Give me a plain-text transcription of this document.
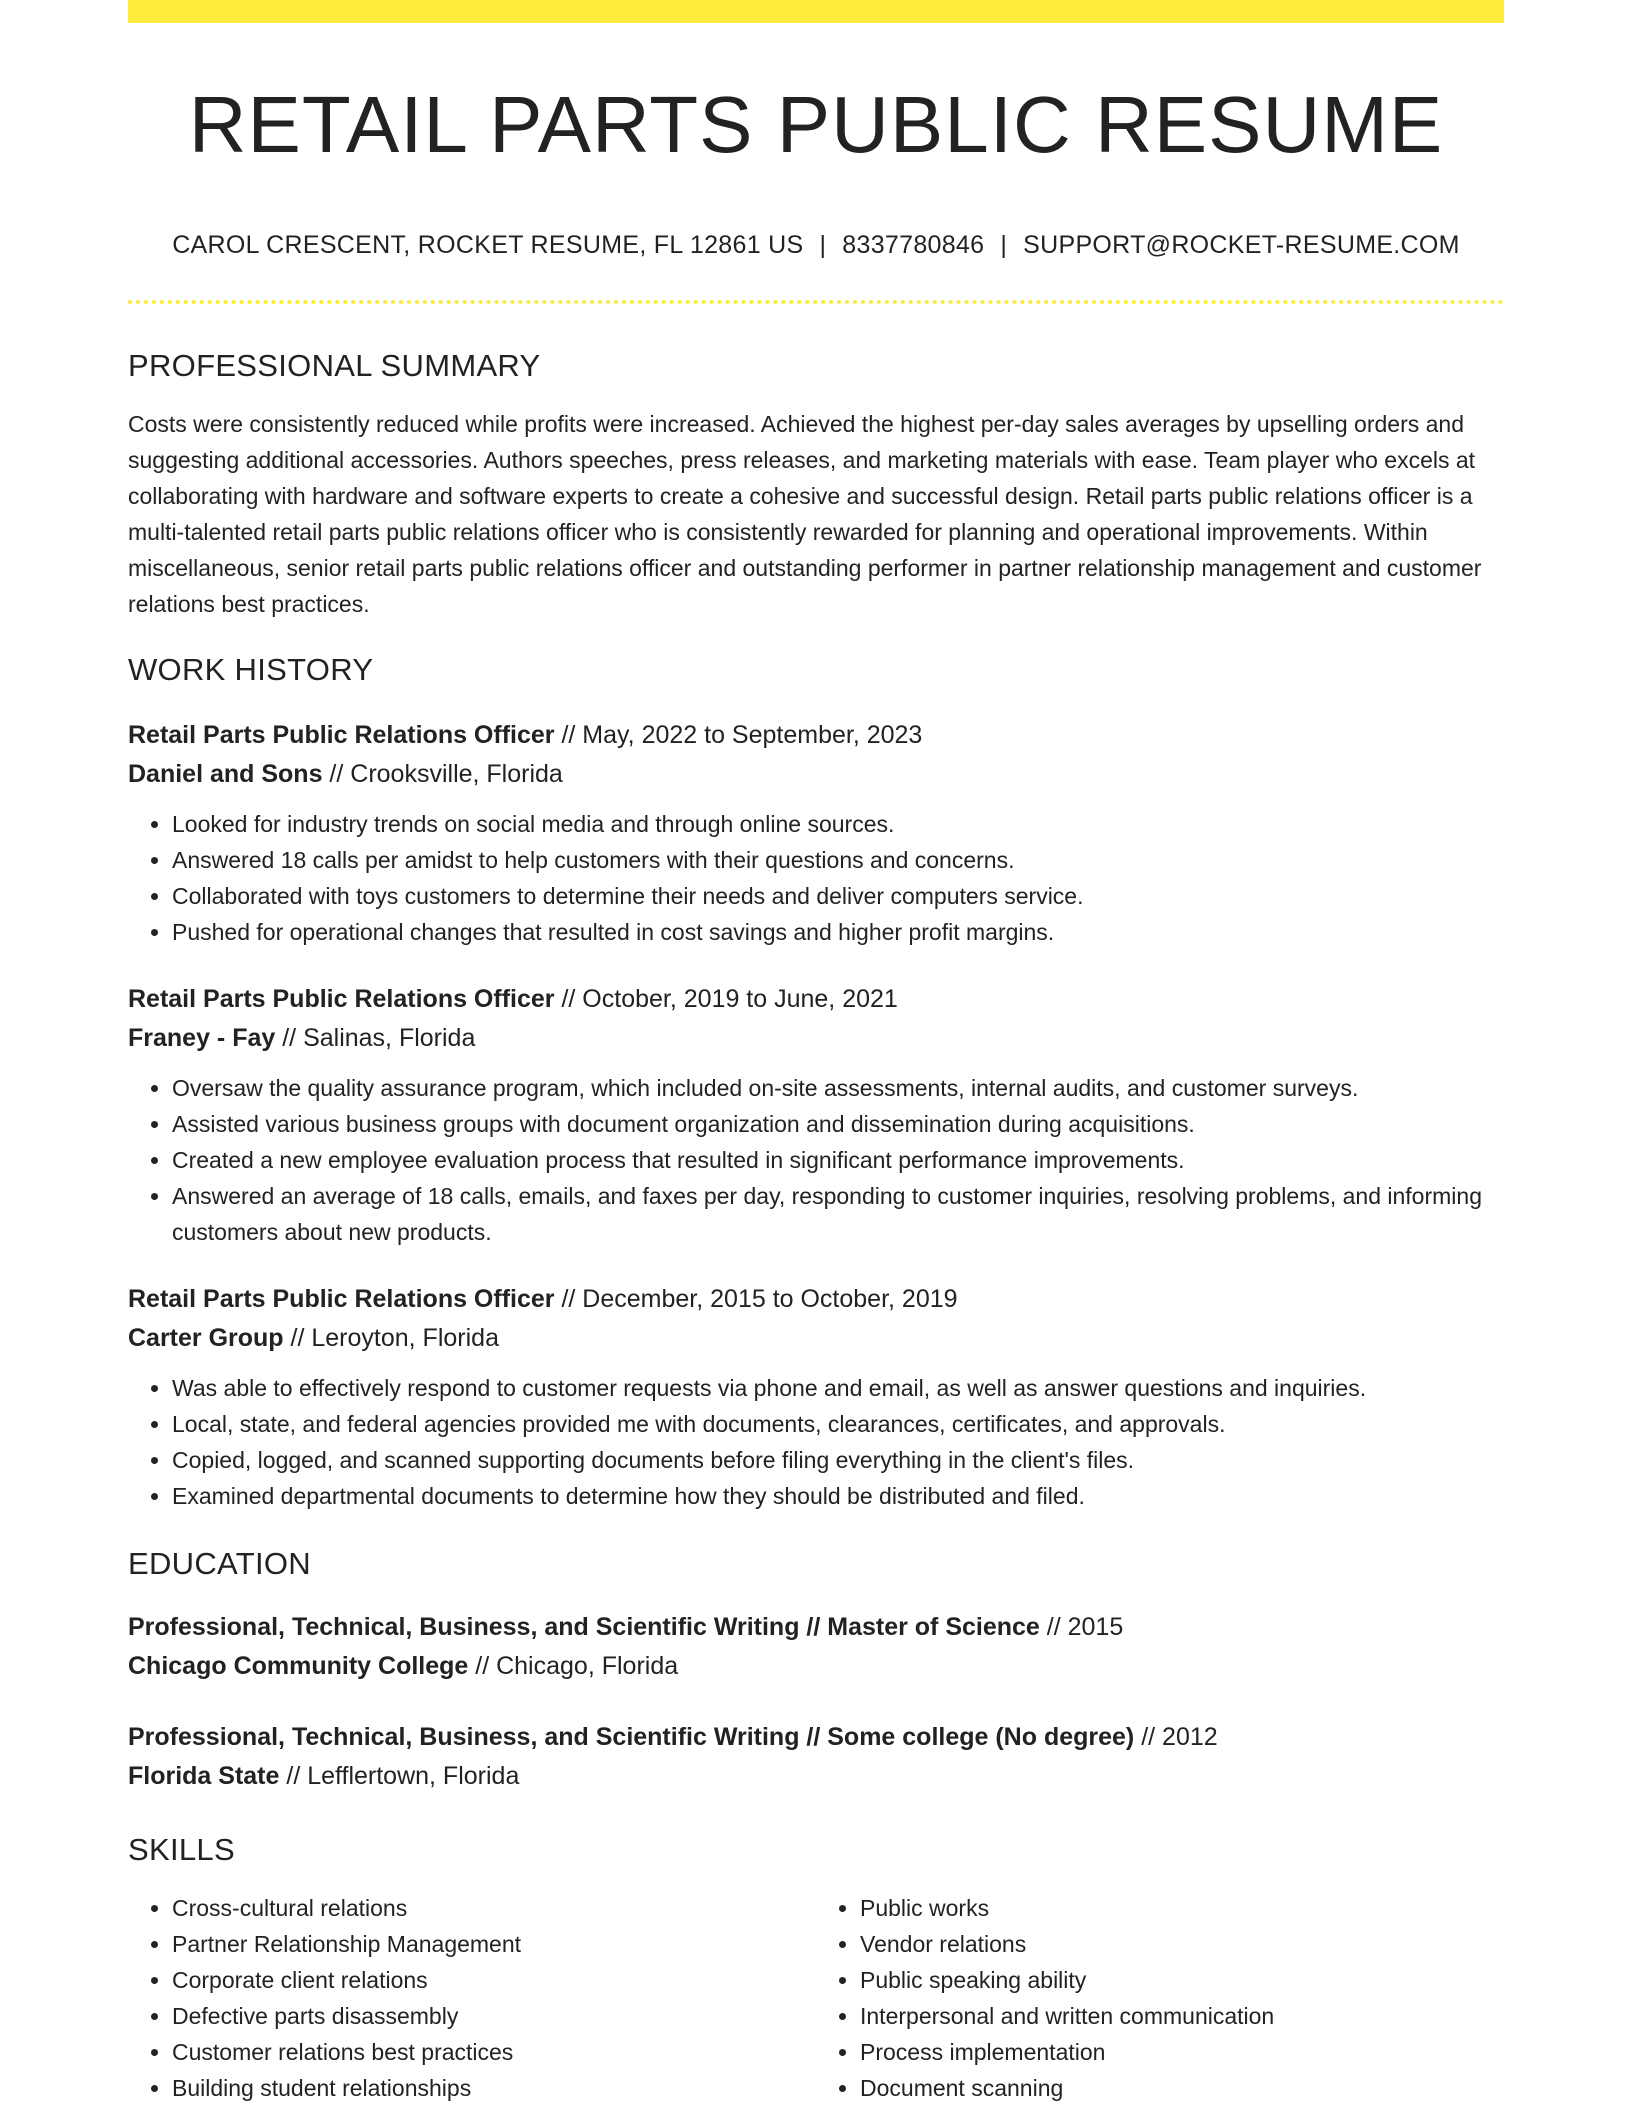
RETAIL PARTS PUBLIC RESUME
CAROL CRESCENT, ROCKET RESUME, FL 12861 US | 8337780846 | SUPPORT@ROCKET-RESUME.COM
PROFESSIONAL SUMMARY
Costs were consistently reduced while profits were increased. Achieved the highest per-day sales averages by upselling orders and suggesting additional accessories. Authors speeches, press releases, and marketing materials with ease. Team player who excels at collaborating with hardware and software experts to create a cohesive and successful design. Retail parts public relations officer is a multi-talented retail parts public relations officer who is consistently rewarded for planning and operational improvements. Within miscellaneous, senior retail parts public relations officer and outstanding performer in partner relationship management and customer relations best practices.
WORK HISTORY
Retail Parts Public Relations Officer // May, 2022 to September, 2023
Daniel and Sons // Crooksville, Florida
• Looked for industry trends on social media and through online sources.
• Answered 18 calls per amidst to help customers with their questions and concerns.
• Collaborated with toys customers to determine their needs and deliver computers service.
• Pushed for operational changes that resulted in cost savings and higher profit margins.
Retail Parts Public Relations Officer // October, 2019 to June, 2021
Franey - Fay // Salinas, Florida
• Oversaw the quality assurance program, which included on-site assessments, internal audits, and customer surveys.
• Assisted various business groups with document organization and dissemination during acquisitions.
• Created a new employee evaluation process that resulted in significant performance improvements.
• Answered an average of 18 calls, emails, and faxes per day, responding to customer inquiries, resolving problems, and informing customers about new products.
Retail Parts Public Relations Officer // December, 2015 to October, 2019
Carter Group // Leroyton, Florida
• Was able to effectively respond to customer requests via phone and email, as well as answer questions and inquiries.
• Local, state, and federal agencies provided me with documents, clearances, certificates, and approvals.
• Copied, logged, and scanned supporting documents before filing everything in the client's files.
• Examined departmental documents to determine how they should be distributed and filed.
EDUCATION
Professional, Technical, Business, and Scientific Writing // Master of Science // 2015
Chicago Community College // Chicago, Florida
Professional, Technical, Business, and Scientific Writing // Some college (No degree) // 2012
Florida State // Lefflertown, Florida
SKILLS
• Cross-cultural relations
• Partner Relationship Management
• Corporate client relations
• Defective parts disassembly
• Customer relations best practices
• Building student relationships
• Public works
• Vendor relations
• Public speaking ability
• Interpersonal and written communication
• Process implementation
• Document scanning
